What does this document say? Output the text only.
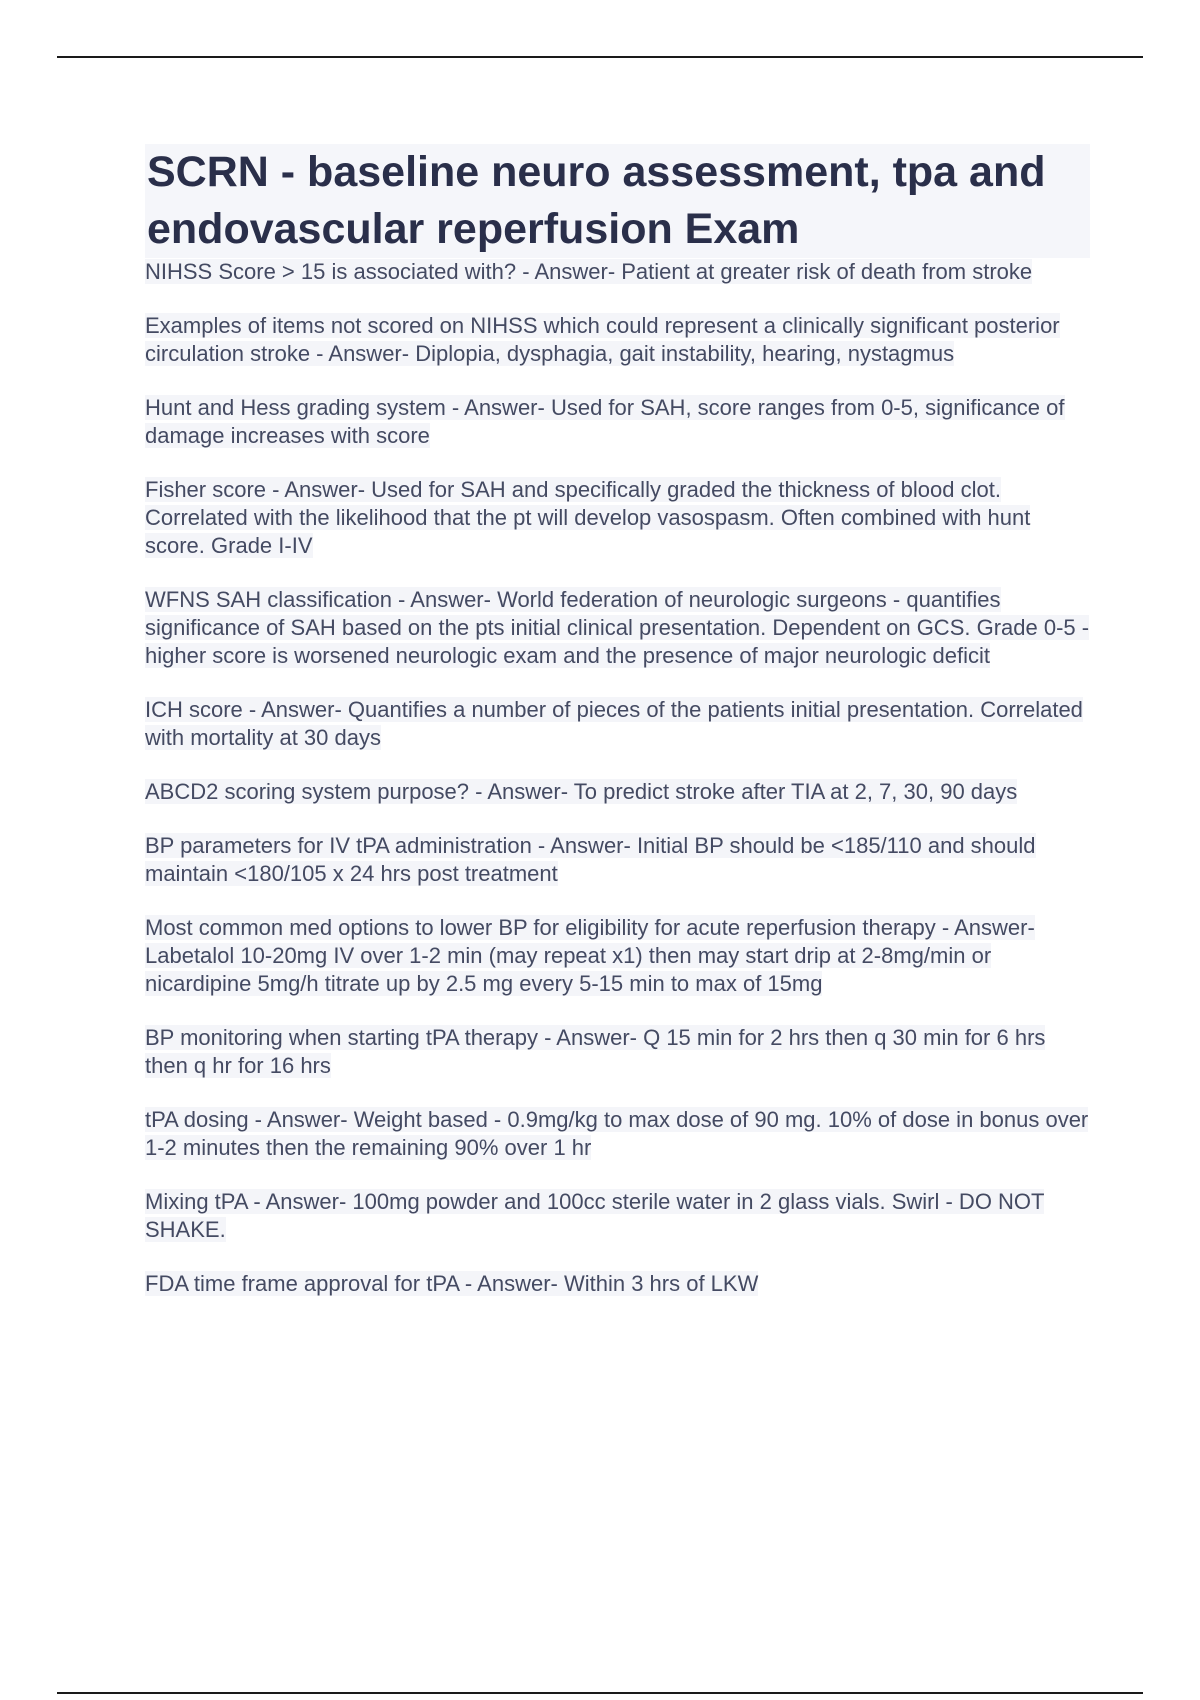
SCRN - baseline neuro assessment, tpa and endovascular reperfusion Exam

NIHSS Score > 15 is associated with? - Answer- Patient at greater risk of death from stroke

Examples of items not scored on NIHSS which could represent a clinically significant posterior circulation stroke - Answer- Diplopia, dysphagia, gait instability, hearing, nystagmus

Hunt and Hess grading system - Answer- Used for SAH, score ranges from 0-5, significance of damage increases with score

Fisher score - Answer- Used for SAH and specifically graded the thickness of blood clot. Correlated with the likelihood that the pt will develop vasospasm. Often combined with hunt score. Grade I-IV

WFNS SAH classification - Answer- World federation of neurologic surgeons - quantifies significance of SAH based on the pts initial clinical presentation. Dependent on GCS. Grade 0-5 - higher score is worsened neurologic exam and the presence of major neurologic deficit

ICH score - Answer- Quantifies a number of pieces of the patients initial presentation. Correlated with mortality at 30 days

ABCD2 scoring system purpose? - Answer- To predict stroke after TIA at 2, 7, 30, 90 days

BP parameters for IV tPA administration - Answer- Initial BP should be <185/110 and should maintain <180/105 x 24 hrs post treatment

Most common med options to lower BP for eligibility for acute reperfusion therapy - Answer- Labetalol 10-20mg IV over 1-2 min (may repeat x1) then may start drip at 2-8mg/min or nicardipine 5mg/h titrate up by 2.5 mg every 5-15 min to max of 15mg

BP monitoring when starting tPA therapy - Answer- Q 15 min for 2 hrs then q 30 min for 6 hrs then q hr for 16 hrs

tPA dosing - Answer- Weight based - 0.9mg/kg to max dose of 90 mg. 10% of dose in bonus over 1-2 minutes then the remaining 90% over 1 hr

Mixing tPA - Answer- 100mg powder and 100cc sterile water in 2 glass vials. Swirl - DO NOT SHAKE.

FDA time frame approval for tPA - Answer- Within 3 hrs of LKW
